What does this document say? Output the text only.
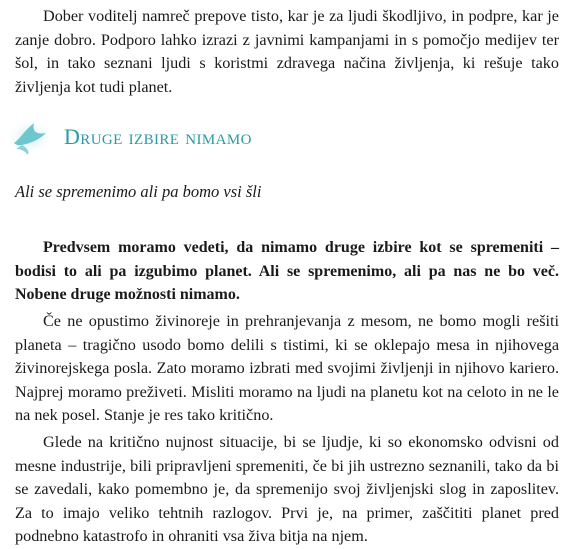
Dober voditelj namreč prepove tisto, kar je za ljudi škodljivo, in podpre, kar je zanje dobro. Podporo lahko izrazi z javnimi kampanjami in s pomočjo medijev ter šol, in tako seznani ljudi s koristmi zdravega načina življenja, ki rešuje tako življenja kot tudi planet.

Druge izbire nimamo
Ali se spremenimo ali pa bomo vsi šli

Predvsem moramo vedeti, da nimamo druge izbire kot se spremeniti – bodisi to ali pa izgubimo planet. Ali se spremenimo, ali pa nas ne bo več. Nobene druge možnosti nimamo.

Če ne opustimo živinoreje in prehranjevanja z mesom, ne bomo mogli rešiti planeta – tragično usodo bomo delili s tistimi, ki se oklepajo mesa in njihovega živinorejskega posla. Zato moramo izbrati med svojimi življenji in njihovo kariero. Najprej moramo preživeti. Misliti moramo na ljudi na planetu kot na celoto in ne le na nek posel. Stanje je res tako kritično.

Glede na kritično nujnost situacije, bi se ljudje, ki so ekonomsko odvisni od mesne industrije, bili pripravljeni spremeniti, če bi jih ustrezno seznanili, tako da bi se zavedali, kako pomembno je, da spremenijo svoj življenjski slog in zaposlitev. Za to imajo veliko tehtnih razlogov. Prvi je, na primer, zaščititi planet pred podnebno katastrofo in ohraniti vsa živa bitja na njem.
